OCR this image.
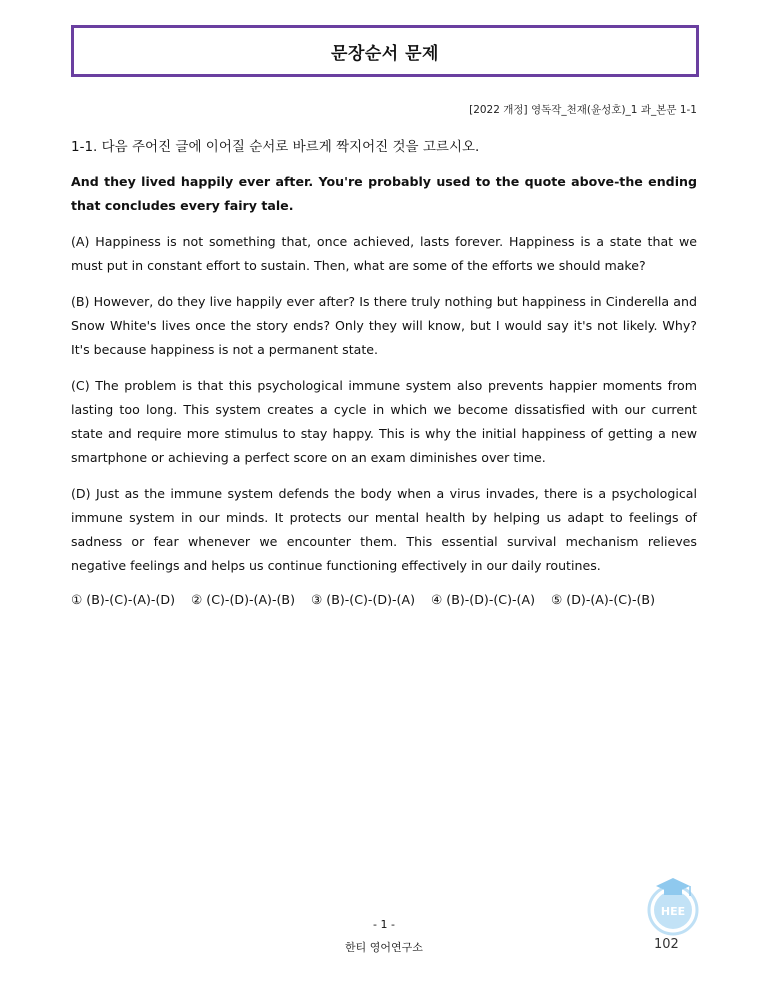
문장순서 문제
[2022 개정] 영독작_천재(윤성호)_1 과_본문 1-1
1-1. 다음 주어진 글에 이어질 순서로 바르게 짝지어진 것을 고르시오.

And they lived happily ever after. You're probably used to the quote above-the ending that concludes every fairy tale.

(A) Happiness is not something that, once achieved, lasts forever. Happiness is a state that we must put in constant effort to sustain. Then, what are some of the efforts we should make?

(B) However, do they live happily ever after? Is there truly nothing but happiness in Cinderella and Snow White's lives once the story ends? Only they will know, but I would say it's not likely. Why? It's because happiness is not a permanent state.

(C) The problem is that this psychological immune system also prevents happier moments from lasting too long. This system creates a cycle in which we become dissatisfied with our current state and require more stimulus to stay happy. This is why the initial happiness of getting a new smartphone or achieving a perfect score on an exam diminishes over time.

(D) Just as the immune system defends the body when a virus invades, there is a psychological immune system in our minds. It protects our mental health by helping us adapt to feelings of sadness or fear whenever we encounter them. This essential survival mechanism relieves negative feelings and helps us continue functioning effectively in our daily routines.

① (B)-(C)-(A)-(D) ② (C)-(D)-(A)-(B) ③ (B)-(C)-(D)-(A) ④ (B)-(D)-(C)-(A) ⑤ (D)-(A)-(C)-(B)
- 1 -
한티 영어연구소
HEE
102
